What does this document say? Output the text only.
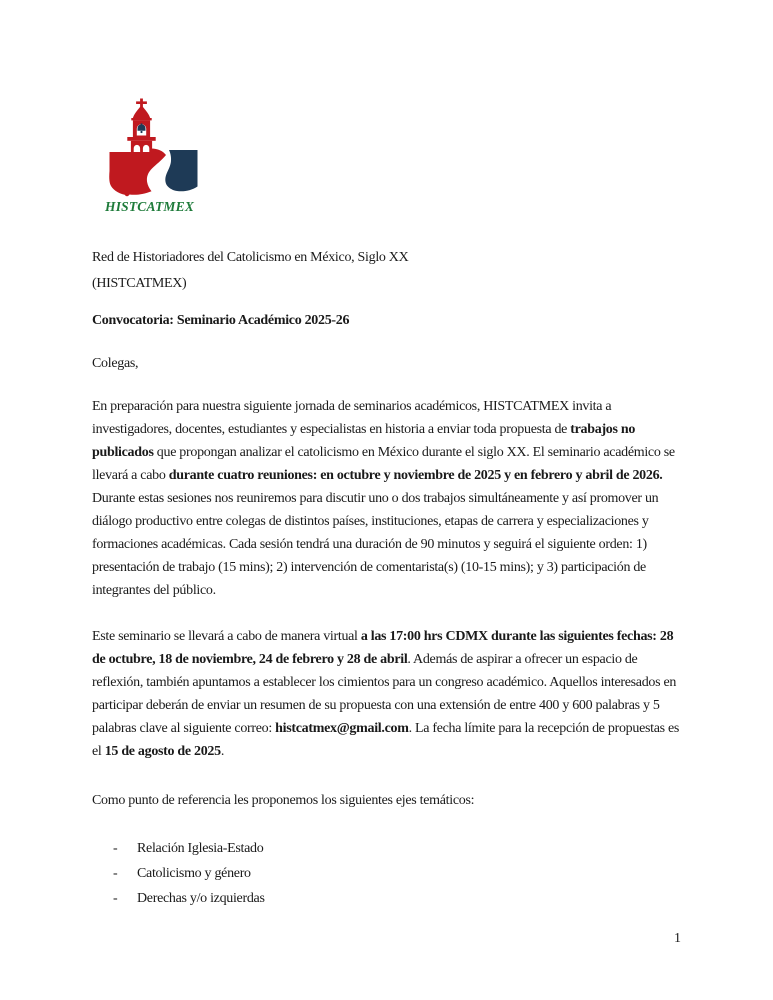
HISTCATMEX
Red de Historiadores del Catolicismo en México, Siglo XX
(HISTCATMEX)
Convocatoria: Seminario Académico 2025-26
Colegas,
En preparación para nuestra siguiente jornada de seminarios académicos, HISTCATMEX invita a investigadores, docentes, estudiantes y especialistas en historia a enviar toda propuesta de trabajos no publicados que propongan analizar el catolicismo en México durante el siglo XX. El seminario académico se llevará a cabo durante cuatro reuniones: en octubre y noviembre de 2025 y en febrero y abril de 2026. Durante estas sesiones nos reuniremos para discutir uno o dos trabajos simultáneamente y así promover un diálogo productivo entre colegas de distintos países, instituciones, etapas de carrera y especializaciones y formaciones académicas. Cada sesión tendrá una duración de 90 minutos y seguirá el siguiente orden: 1) presentación de trabajo (15 mins); 2) intervención de comentarista(s) (10-15 mins); y 3) participación de integrantes del público.
Este seminario se llevará a cabo de manera virtual a las 17:00 hrs CDMX durante las siguientes fechas: 28 de octubre, 18 de noviembre, 24 de febrero y 28 de abril. Además de aspirar a ofrecer un espacio de reflexión, también apuntamos a establecer los cimientos para un congreso académico. Aquellos interesados en participar deberán de enviar un resumen de su propuesta con una extensión de entre 400 y 600 palabras y 5 palabras clave al siguiente correo: histcatmex@gmail.com. La fecha límite para la recepción de propuestas es el 15 de agosto de 2025.
Como punto de referencia les proponemos los siguientes ejes temáticos:
- Relación Iglesia-Estado
- Catolicismo y género
- Derechas y/o izquierdas
1
